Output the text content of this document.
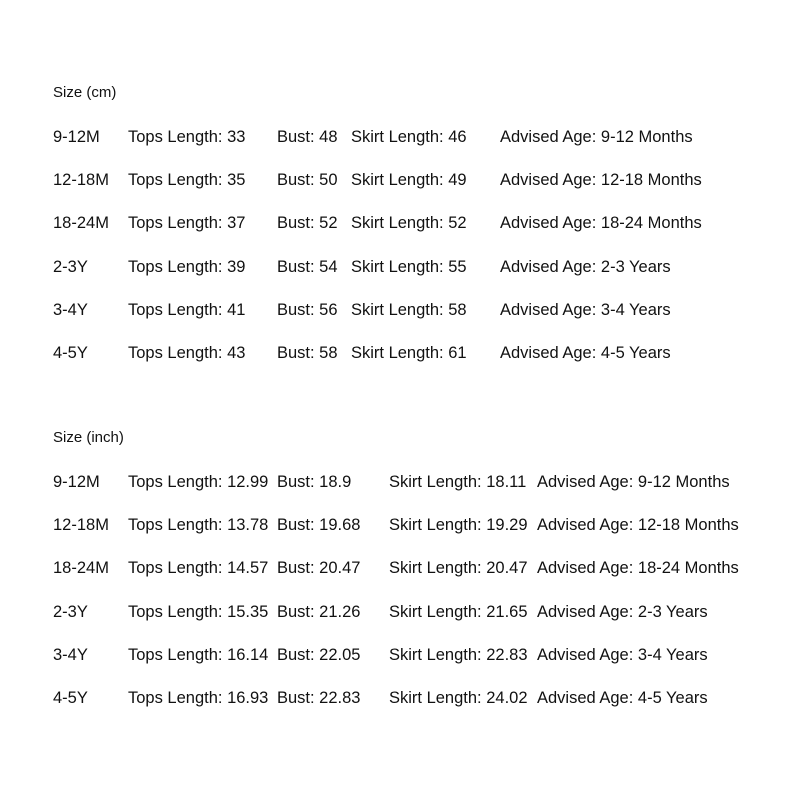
Size (cm)
9-12M Tops Length: 33 Bust: 48 Skirt Length: 46 Advised Age: 9-12 Months
12-18M Tops Length: 35 Bust: 50 Skirt Length: 49 Advised Age: 12-18 Months
18-24M Tops Length: 37 Bust: 52 Skirt Length: 52 Advised Age: 18-24 Months
2-3Y Tops Length: 39 Bust: 54 Skirt Length: 55 Advised Age: 2-3 Years
3-4Y Tops Length: 41 Bust: 56 Skirt Length: 58 Advised Age: 3-4 Years
4-5Y Tops Length: 43 Bust: 58 Skirt Length: 61 Advised Age: 4-5 Years
Size (inch)
9-12M Tops Length: 12.99 Bust: 18.9 Skirt Length: 18.11 Advised Age: 9-12 Months
12-18M Tops Length: 13.78 Bust: 19.68 Skirt Length: 19.29 Advised Age: 12-18 Months
18-24M Tops Length: 14.57 Bust: 20.47 Skirt Length: 20.47 Advised Age: 18-24 Months
2-3Y Tops Length: 15.35 Bust: 21.26 Skirt Length: 21.65 Advised Age: 2-3 Years
3-4Y Tops Length: 16.14 Bust: 22.05 Skirt Length: 22.83 Advised Age: 3-4 Years
4-5Y Tops Length: 16.93 Bust: 22.83 Skirt Length: 24.02 Advised Age: 4-5 Years
